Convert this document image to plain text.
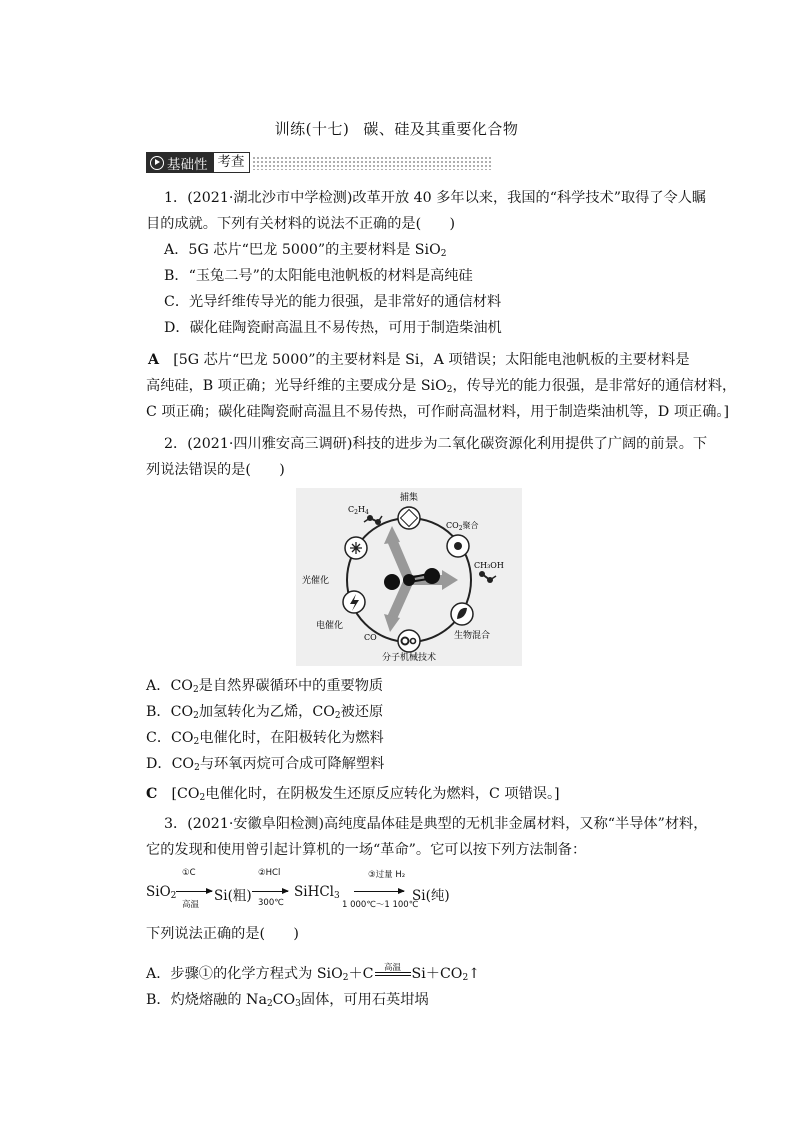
训练(十七) 碳、硅及其重要化合物
基础性 考查
1．(2021·湖北沙市中学检测)改革开放 40 多年以来，我国的“科学技术”取得了令人瞩
目的成就。下列有关材料的说法不正确的是(　　)
A．5G 芯片“巴龙 5000”的主要材料是 SiO$_2$
B．“玉兔二号”的太阳能电池帆板的材料是高纯硅
C．光导纤维传导光的能力很强，是非常好的通信材料
D．碳化硅陶瓷耐高温且不易传热，可用于制造柴油机
A　 [5G 芯片“巴龙 5000”的主要材料是 Si，A 项错误；太阳能电池帆板的主要材料是
高纯硅，B 项正确；光导纤维的主要成分是 SiO$_2$，传导光的能力很强，是非常好的通信材料，
C 项正确；碳化硅陶瓷耐高温且不易传热，可作耐高温材料，用于制造柴油机等，D 项正确。]
2．(2021·四川雅安高三调研)科技的进步为二氧化碳资源化利用提供了广阔的前景。下
列说法错误的是(　　)
捕集
$C_2H_4$
$CO_2$聚合
CH₃OH
光催化
电催化
CO	生物混合
分子机械技术
A．$CO_2$是自然界碳循环中的重要物质
B．$CO_2$加氢转化为乙烯，$CO_2$被还原
C．$CO_2$电催化时，在阳极转化为燃料
D．$CO_2$与环氧丙烷可合成可降解塑料
C　 [$CO_2$电催化时，在阴极发生还原反应转化为燃料，C 项错误。]
3．(2021·安徽阜阳检测)高纯度晶体硅是典型的无机非金属材料，又称“半导体”材料，
它的发现和使用曾引起计算机的一场“革命”。它可以按下列方法制备：
SiO$_2$
①C
高温
Si(粗)
②HCl
300℃
SiHCl$_3$
③过量 H₂
1 000℃～1 100℃
Si(纯)
下列说法正确的是(　　)
A．步骤①的化学方程式为 SiO$_2$＋C	高温 $Si+CO_2↑$
B．灼烧熔融的 $Na_2CO_3$固体，可用石英坩埚
